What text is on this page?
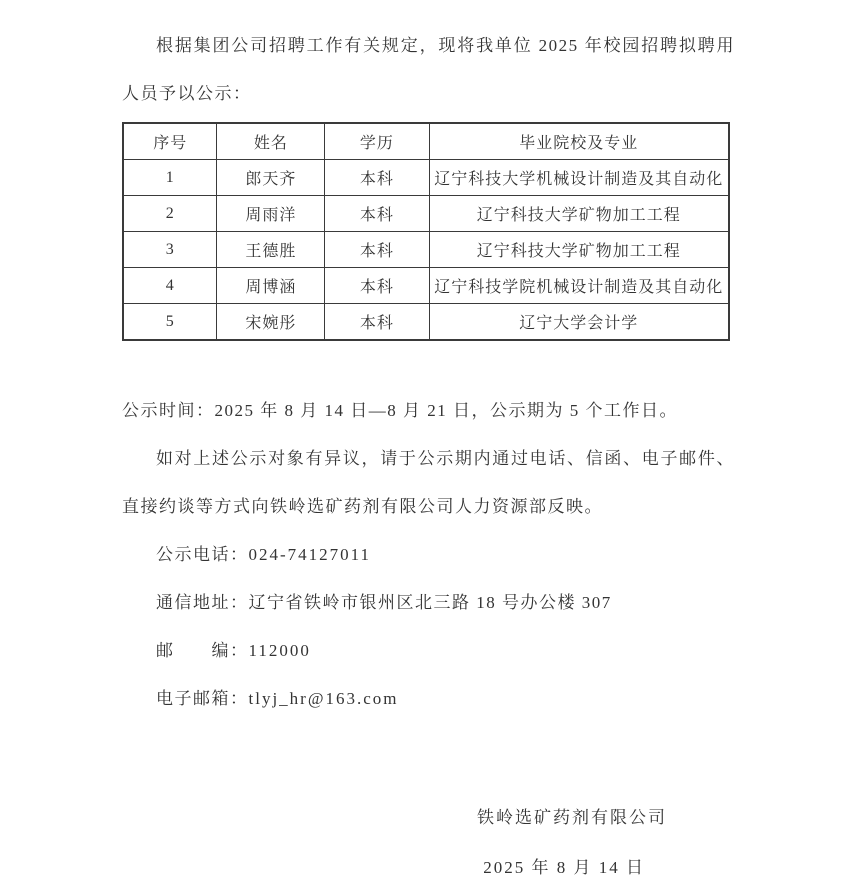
根据集团公司招聘工作有关规定，现将我单位 2025 年校园招聘拟聘用人员予以公示：

序号	姓名	学历	毕业院校及专业
1	郎天齐	本科	辽宁科技大学机械设计制造及其自动化
2	周雨洋	本科	辽宁科技大学矿物加工工程
3	王德胜	本科	辽宁科技大学矿物加工工程
4	周博涵	本科	辽宁科技学院机械设计制造及其自动化
5	宋婉彤	本科	辽宁大学会计学

公示时间：2025 年 8 月 14 日—8 月 21 日，公示期为 5 个工作日。

如对上述公示对象有异议，请于公示期内通过电话、信函、电子邮件、直接约谈等方式向铁岭选矿药剂有限公司人力资源部反映。

公示电话：024-74127011

通信地址：辽宁省铁岭市银州区北三路 18 号办公楼 307

邮　　编：112000

电子邮箱：tlyj_hr@163.com

铁岭选矿药剂有限公司

2025 年 8 月 14 日
